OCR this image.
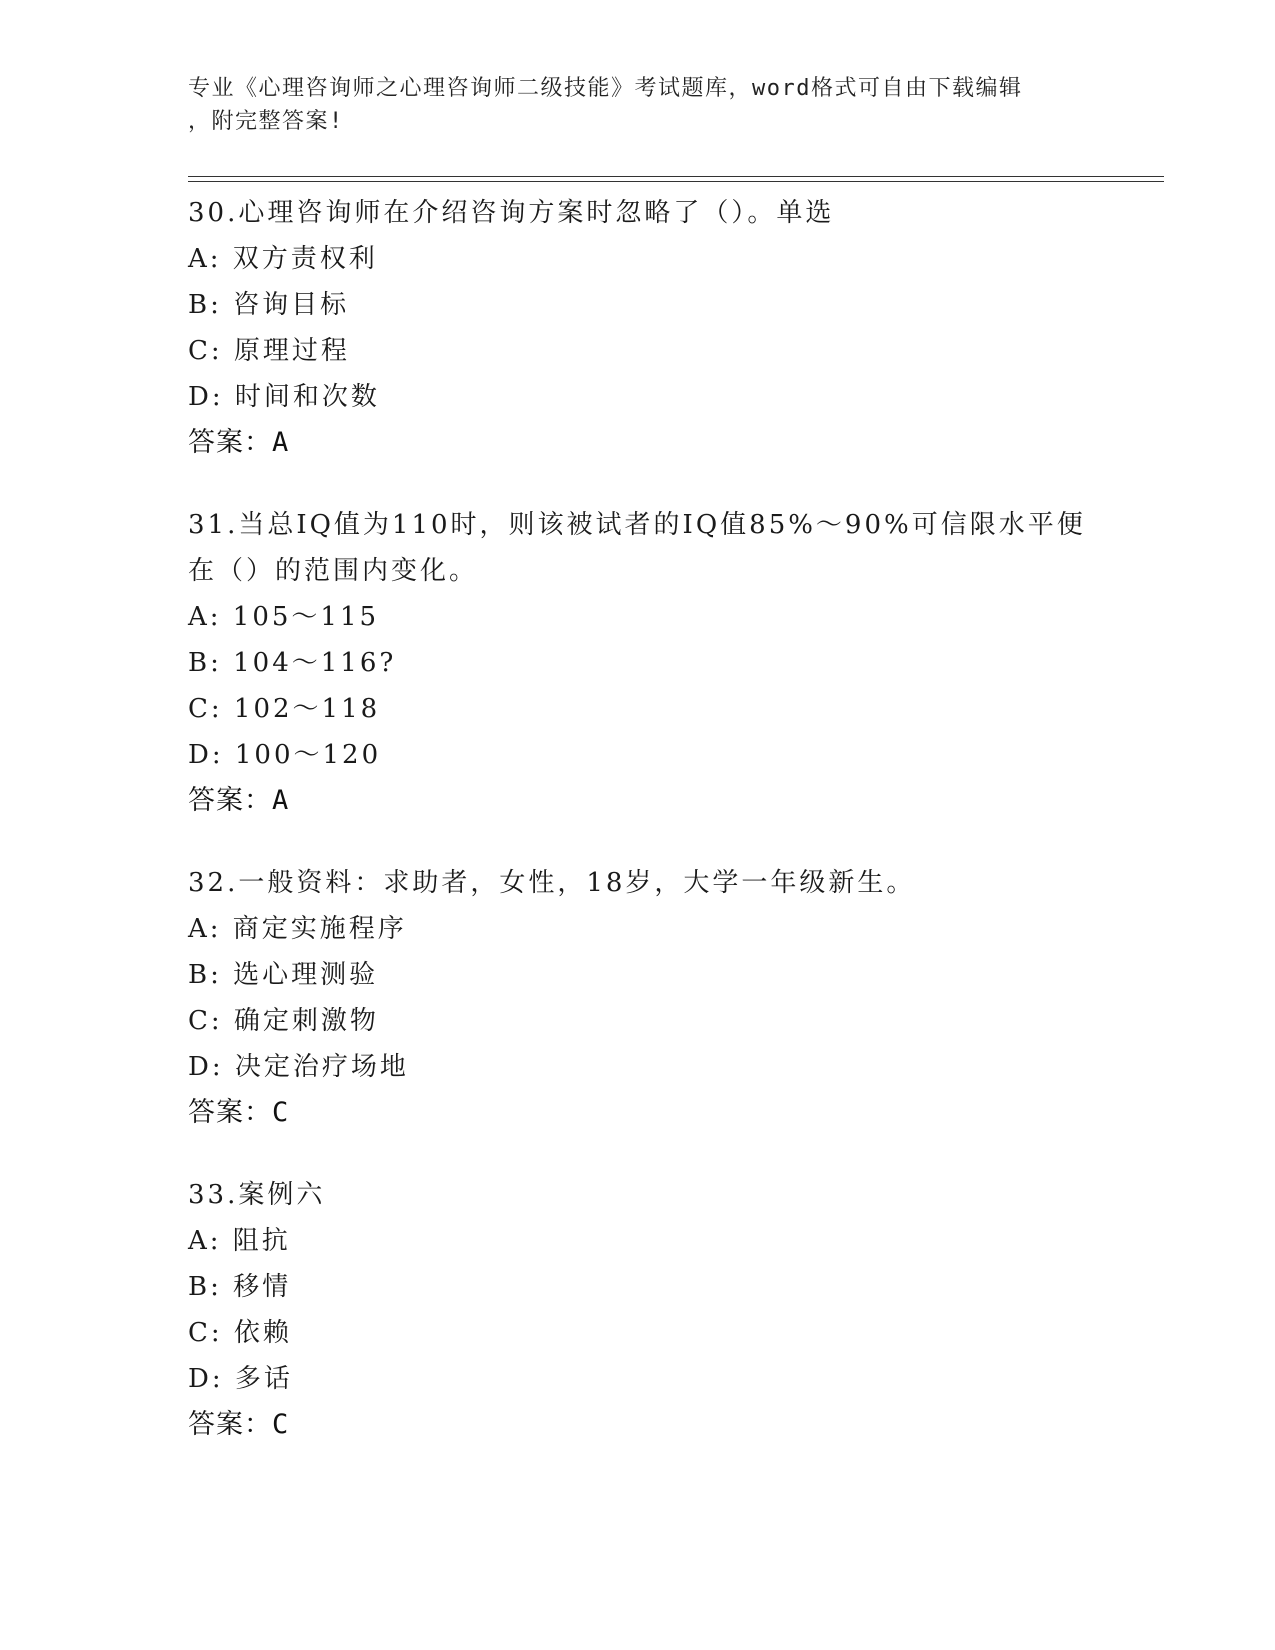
专业《心理咨询师之心理咨询师二级技能》考试题库，word格式可自由下载编辑
，附完整答案!
30.心理咨询师在介绍咨询方案时忽略了（）。单选
A: 双方责权利
B: 咨询目标
C: 原理过程
D: 时间和次数
答案：A
31.当总IQ值为110时，则该被试者的IQ值85%～90%可信限水平便在（）的范围内变化。
A: 105～115
B: 104～116?
C: 102～118
D: 100～120
答案：A
32.一般资料：求助者，女性，18岁，大学一年级新生。
A: 商定实施程序
B: 选心理测验
C: 确定刺激物
D: 决定治疗场地
答案：C
33.案例六
A: 阻抗
B: 移情
C: 依赖
D: 多话
答案：C
